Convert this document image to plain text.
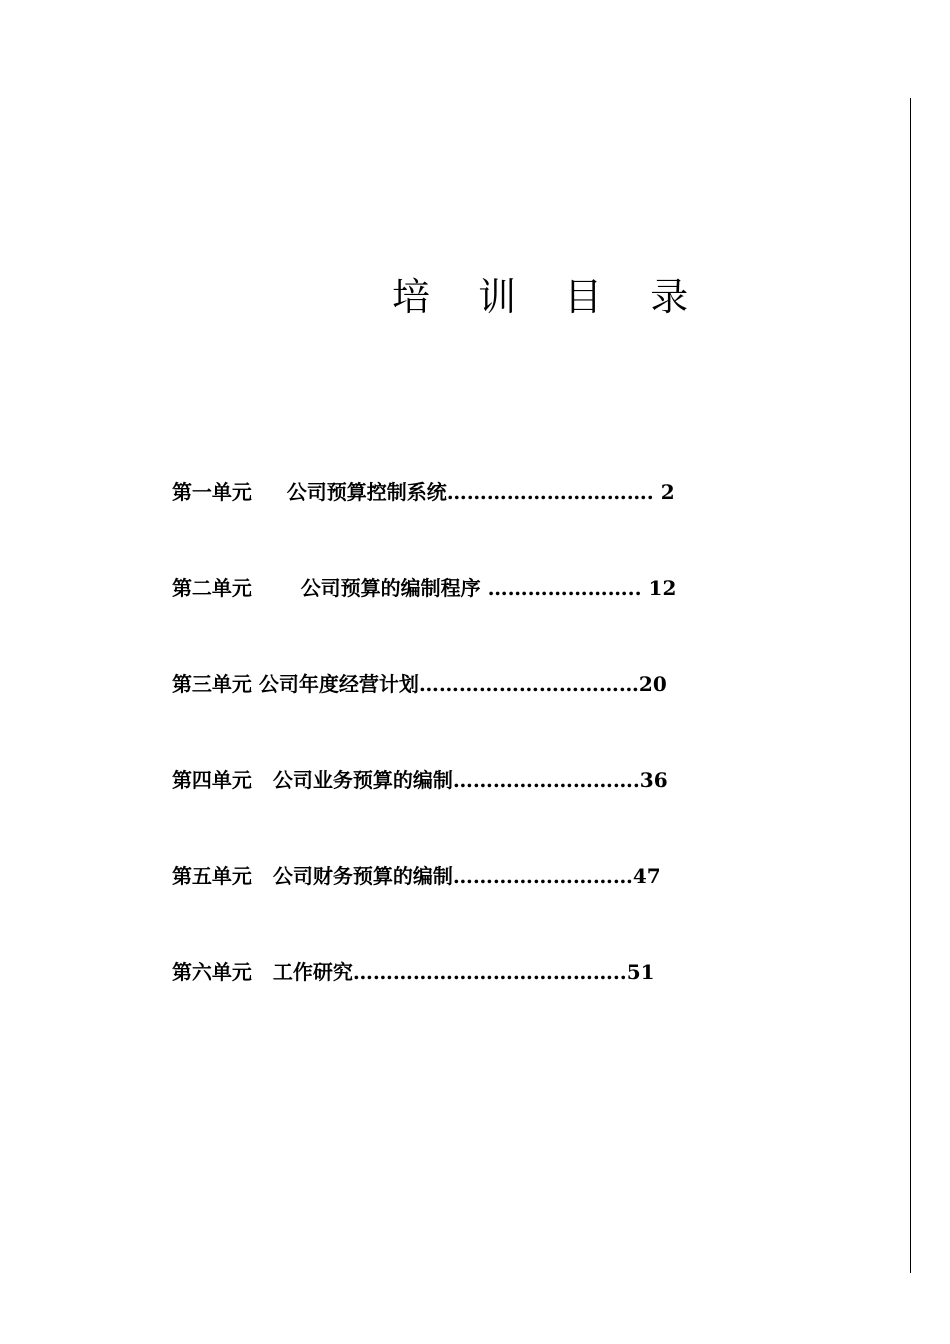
培 训 目 录

第一单元 公司预算控制系统…………………………. 2

第二单元 公司预算的编制程序 ………………….. 12

第三单元 公司年度经营计划……………………………20

第四单元 公司业务预算的编制……………………….36

第五单元 公司财务预算的编制………………………47

第六单元 工作研究…………………………………..51
